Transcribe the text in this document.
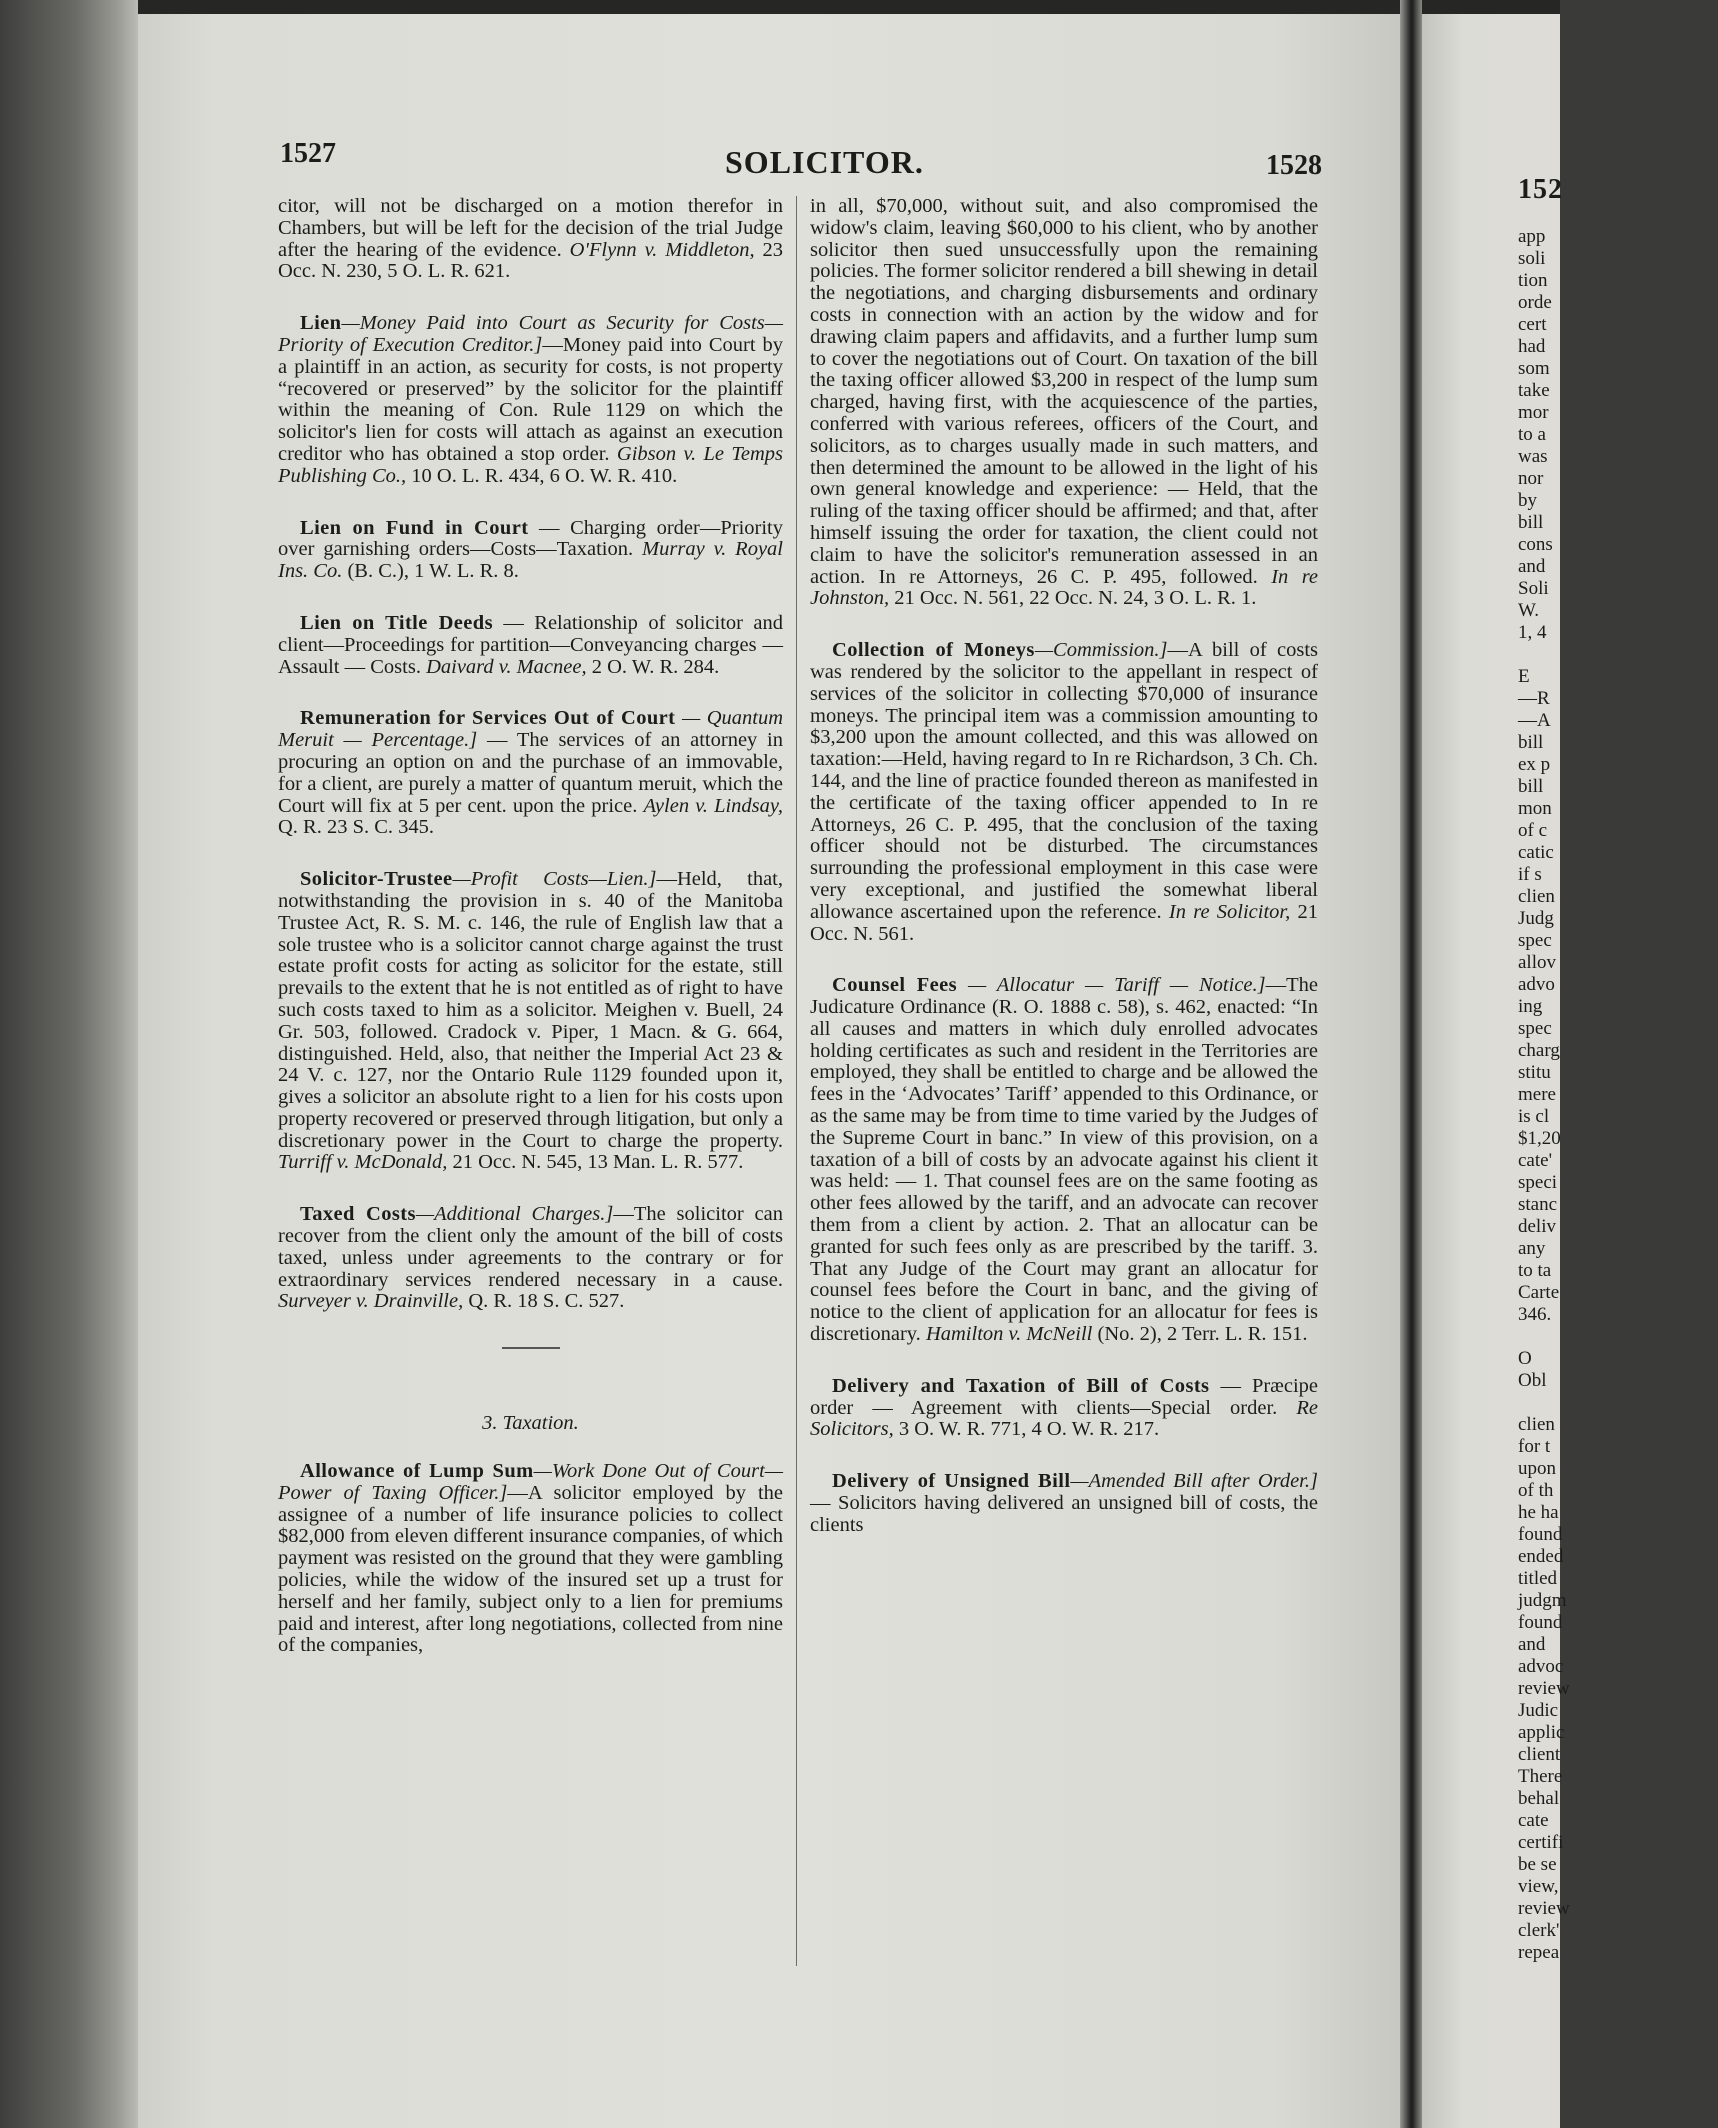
152
app
soli
tion
orde
cert
had
som
take
mor
to a
was
nor
by
bill
cons
and
Soli
W.
1, 4

E
—R
—A
bill
ex p
bill
mon
of c
catic
if s
clien
Judg
spec
allov
advo
ing
spec
charg
stitu
mere
is cl
$1,20
cate'
speci
stanc
deliv
any
to ta
Carte
346.

O
Obl

clien
for t
upon
of th
he ha
found
ended
titled
judgm
found
and
advoc
review
Judic
applic
client
There
behal
cate
certifi
be se
view,
review
clerk'
repea
1527	SOLICITOR.	1528

citor, will not be discharged on a motion therefor in Chambers, but will be left for the decision of the trial Judge after the hearing of the evidence. O'Flynn v. Middleton, 23 Occ. N. 230, 5 O. L. R. 621.

Lien—Money Paid into Court as Security for Costs—Priority of Execution Creditor.]—Money paid into Court by a plaintiff in an action, as security for costs, is not property “recovered or preserved” by the solicitor for the plaintiff within the meaning of Con. Rule 1129 on which the solicitor's lien for costs will attach as against an execution creditor who has obtained a stop order. Gibson v. Le Temps Publishing Co., 10 O. L. R. 434, 6 O. W. R. 410.

Lien on Fund in Court — Charging order—Priority over garnishing orders—Costs—Taxation. Murray v. Royal Ins. Co. (B. C.), 1 W. L. R. 8.

Lien on Title Deeds — Relationship of solicitor and client—Proceedings for partition—Conveyancing charges — Assault — Costs. Daivard v. Macnee, 2 O. W. R. 284.

Remuneration for Services Out of Court — Quantum Meruit — Percentage.] — The services of an attorney in procuring an option on and the purchase of an immovable, for a client, are purely a matter of quantum meruit, which the Court will fix at 5 per cent. upon the price. Aylen v. Lindsay, Q. R. 23 S. C. 345.

Solicitor-Trustee—Profit Costs—Lien.]—Held, that, notwithstanding the provision in s. 40 of the Manitoba Trustee Act, R. S. M. c. 146, the rule of English law that a sole trustee who is a solicitor cannot charge against the trust estate profit costs for acting as solicitor for the estate, still prevails to the extent that he is not entitled as of right to have such costs taxed to him as a solicitor. Meighen v. Buell, 24 Gr. 503, followed. Cradock v. Piper, 1 Macn. & G. 664, distinguished. Held, also, that neither the Imperial Act 23 & 24 V. c. 127, nor the Ontario Rule 1129 founded upon it, gives a solicitor an absolute right to a lien for his costs upon property recovered or preserved through litigation, but only a discretionary power in the Court to charge the property. Turriff v. McDonald, 21 Occ. N. 545, 13 Man. L. R. 577.

Taxed Costs—Additional Charges.]—The solicitor can recover from the client only the amount of the bill of costs taxed, unless under agreements to the contrary or for extraordinary services rendered necessary in a cause. Surveyer v. Drainville, Q. R. 18 S. C. 527.

3. Taxation.

Allowance of Lump Sum—Work Done Out of Court—Power of Taxing Officer.]—A solicitor employed by the assignee of a number of life insurance policies to collect $82,000 from eleven different insurance companies, of which payment was resisted on the ground that they were gambling policies, while the widow of the insured set up a trust for herself and her family, subject only to a lien for premiums paid and interest, after long negotiations, collected from nine of the companies,

in all, $70,000, without suit, and also compromised the widow's claim, leaving $60,000 to his client, who by another solicitor then sued unsuccessfully upon the remaining policies. The former solicitor rendered a bill shewing in detail the negotiations, and charging disbursements and ordinary costs in connection with an action by the widow and for drawing claim papers and affidavits, and a further lump sum to cover the negotiations out of Court. On taxation of the bill the taxing officer allowed $3,200 in respect of the lump sum charged, having first, with the acquiescence of the parties, conferred with various referees, officers of the Court, and solicitors, as to charges usually made in such matters, and then determined the amount to be allowed in the light of his own general knowledge and experience: — Held, that the ruling of the taxing officer should be affirmed; and that, after himself issuing the order for taxation, the client could not claim to have the solicitor's remuneration assessed in an action. In re Attorneys, 26 C. P. 495, followed. In re Johnston, 21 Occ. N. 561, 22 Occ. N. 24, 3 O. L. R. 1.

Collection of Moneys—Commission.]—A bill of costs was rendered by the solicitor to the appellant in respect of services of the solicitor in collecting $70,000 of insurance moneys. The principal item was a commission amounting to $3,200 upon the amount collected, and this was allowed on taxation:—Held, having regard to In re Richardson, 3 Ch. Ch. 144, and the line of practice founded thereon as manifested in the certificate of the taxing officer appended to In re Attorneys, 26 C. P. 495, that the conclusion of the taxing officer should not be disturbed. The circumstances surrounding the professional employment in this case were very exceptional, and justified the somewhat liberal allowance ascertained upon the reference. In re Solicitor, 21 Occ. N. 561.

Counsel Fees — Allocatur — Tariff — Notice.]—The Judicature Ordinance (R. O. 1888 c. 58), s. 462, enacted: “In all causes and matters in which duly enrolled advocates holding certificates as such and resident in the Territories are employed, they shall be entitled to charge and be allowed the fees in the ‘Advocates’ Tariff’ appended to this Ordinance, or as the same may be from time to time varied by the Judges of the Supreme Court in banc.” In view of this provision, on a taxation of a bill of costs by an advocate against his client it was held: — 1. That counsel fees are on the same footing as other fees allowed by the tariff, and an advocate can recover them from a client by action. 2. That an allocatur can be granted for such fees only as are prescribed by the tariff. 3. That any Judge of the Court may grant an allocatur for counsel fees before the Court in banc, and the giving of notice to the client of application for an allocatur for fees is discretionary. Hamilton v. McNeill (No. 2), 2 Terr. L. R. 151.

Delivery and Taxation of Bill of Costs — Præcipe order — Agreement with clients—Special order. Re Solicitors, 3 O. W. R. 771, 4 O. W. R. 217.

Delivery of Unsigned Bill—Amended Bill after Order.] — Solicitors having delivered an unsigned bill of costs, the clients
